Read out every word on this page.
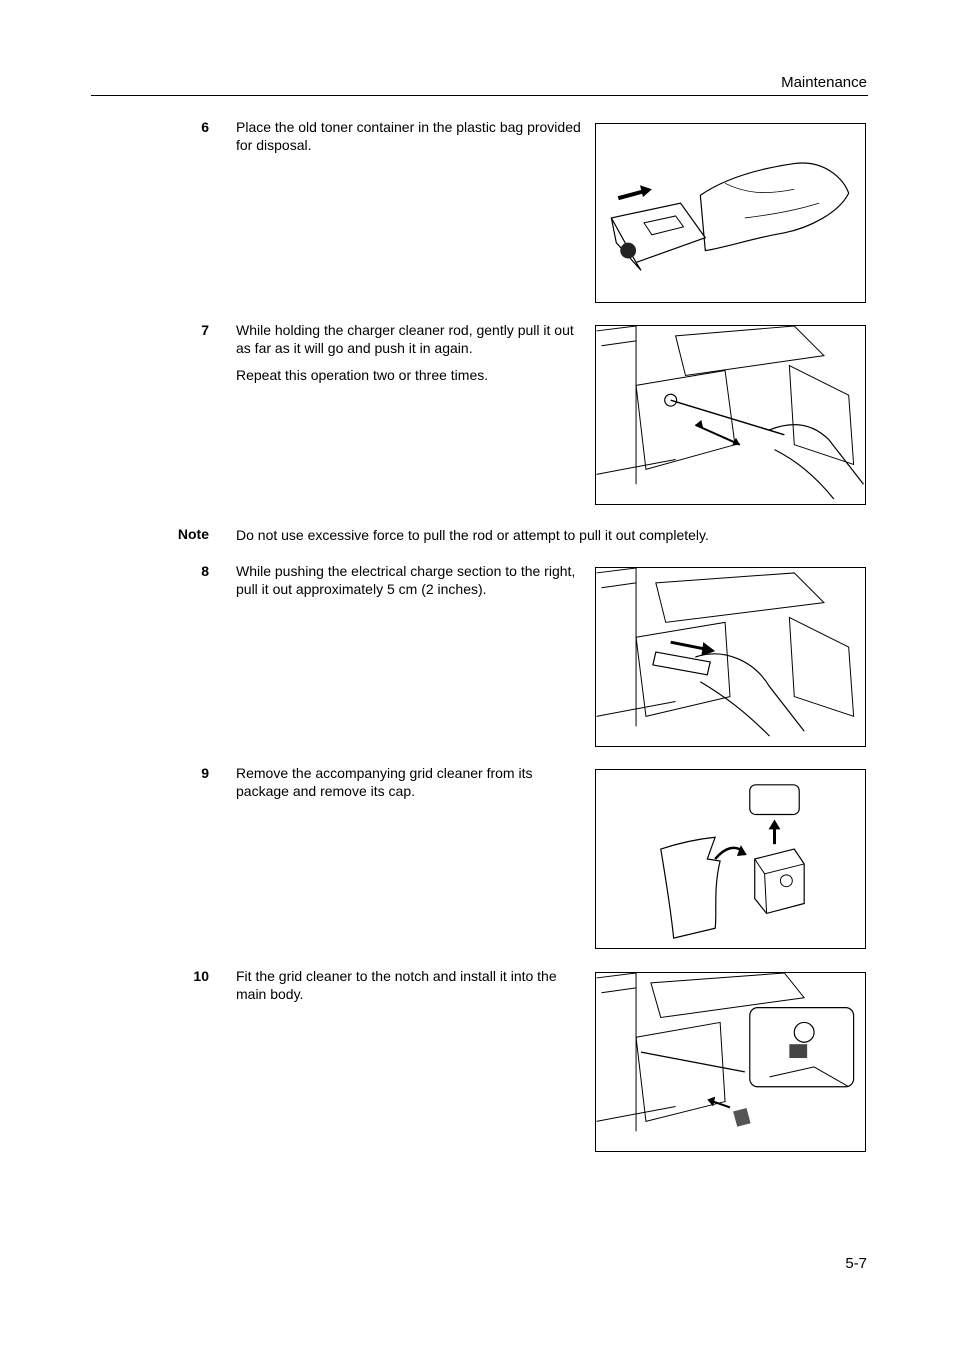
Maintenance
6 Place the old toner container in the plastic bag provided for disposal.

7 While holding the charger cleaner rod, gently pull it out as far as it will go and push it in again.

Repeat this operation two or three times.

Note Do not use excessive force to pull the rod or attempt to pull it out completely.
8 While pushing the electrical charge section to the right, pull it out approximately 5 cm (2 inches).

9 Remove the accompanying grid cleaner from its package and remove its cap.

10 Fit the grid cleaner to the notch and install it into the main body.

5-7
